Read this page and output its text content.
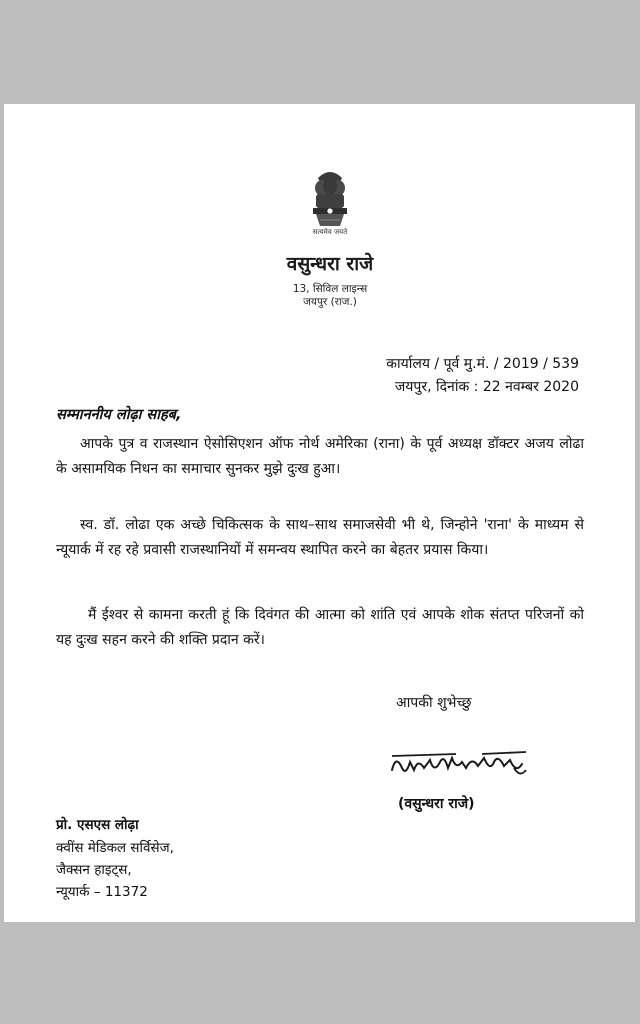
सत्यमेव जयते
वसुन्धरा राजे
13, सिविल लाइन्स
जयपुर (राज.)
कार्यालय / पूर्व मु.मं. / 2019 / 539
जयपुर, दिनांक : 22 नवम्बर 2020
सम्माननीय लोढ़ा साहब,
आपके पुत्र व राजस्थान ऐसोसिएशन ऑफ नोर्थ अमेरिका (राना) के पूर्व अध्यक्ष डॉक्टर अजय लोढा के असामयिक निधन का समाचार सुनकर मुझे दुःख हुआ।
स्व. डॉ. लोढा एक अच्छे चिकित्सक के साथ–साथ समाजसेवी भी थे, जिन्होने 'राना' के माध्यम से न्यूयार्क में रह रहे प्रवासी राजस्थानियों में समन्वय स्थापित करने का बेहतर प्रयास किया।
मैं ईश्वर से कामना करती हूं कि दिवंगत की आत्मा को शांति एवं आपके शोक संतप्त परिजनों को यह दुःख सहन करने की शक्ति प्रदान करें।
आपकी शुभेच्छु
(वसुन्धरा राजे)
प्रो. एसएस लोढ़ा
क्वींस मेडिकल सर्विसेज,
जैक्सन हाइट्स,
न्यूयार्क – 11372
